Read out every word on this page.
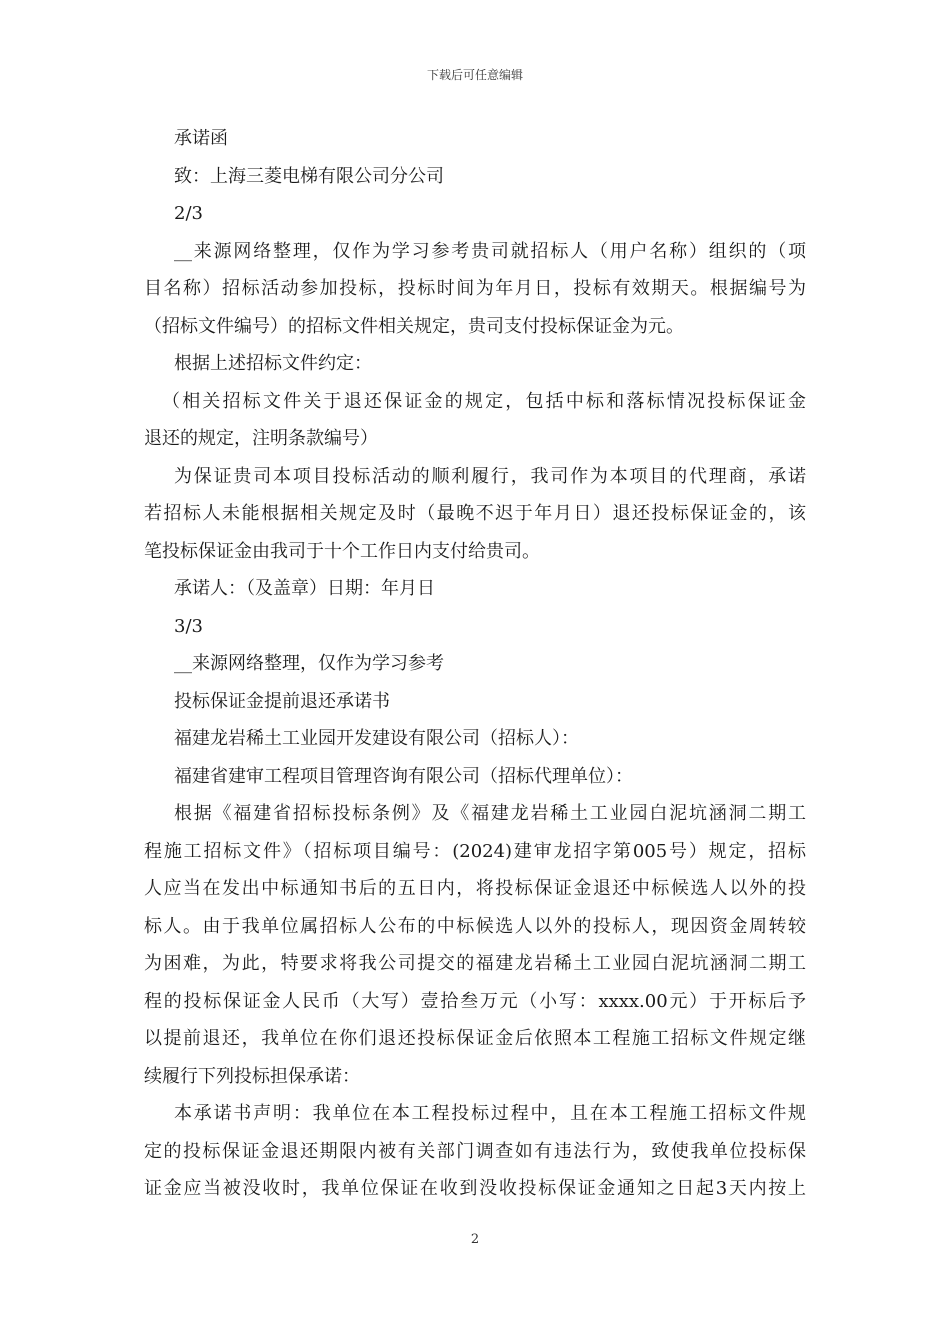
下载后可任意编辑
承诺函
致：上海三菱电梯有限公司分公司
2/3
__来源网络整理，仅作为学习参考贵司就招标人（用户名称）组织的（项
目名称）招标活动参加投标，投标时间为年月日，投标有效期天。根据编号为
（招标文件编号）的招标文件相关规定，贵司支付投标保证金为元。
根据上述招标文件约定：
（相关招标文件关于退还保证金的规定，包括中标和落标情况投标保证金
退还的规定，注明条款编号）
为保证贵司本项目投标活动的顺利履行，我司作为本项目的代理商，承诺
若招标人未能根据相关规定及时（最晚不迟于年月日）退还投标保证金的，该
笔投标保证金由我司于十个工作日内支付给贵司。
承诺人：（及盖章）日期：年月日
3/3
__来源网络整理，仅作为学习参考
投标保证金提前退还承诺书
福建龙岩稀土工业园开发建设有限公司（招标人）：
福建省建审工程项目管理咨询有限公司（招标代理单位）：
根据《福建省招标投标条例》及《福建龙岩稀土工业园白泥坑涵洞二期工
程施工招标文件》（招标项目编号：(2024)建审龙招字第005号）规定，招标
人应当在发出中标通知书后的五日内，将投标保证金退还中标候选人以外的投
标人。由于我单位属招标人公布的中标候选人以外的投标人，现因资金周转较
为困难，为此，特要求将我公司提交的福建龙岩稀土工业园白泥坑涵洞二期工
程的投标保证金人民币（大写）壹拾叁万元（小写：xxxx.00元）于开标后予
以提前退还，我单位在你们退还投标保证金后依照本工程施工招标文件规定继
续履行下列投标担保承诺：
本承诺书声明：我单位在本工程投标过程中，且在本工程施工招标文件规
定的投标保证金退还期限内被有关部门调查如有违法行为，致使我单位投标保
证金应当被没收时，我单位保证在收到没收投标保证金通知之日起3天内按上
2
